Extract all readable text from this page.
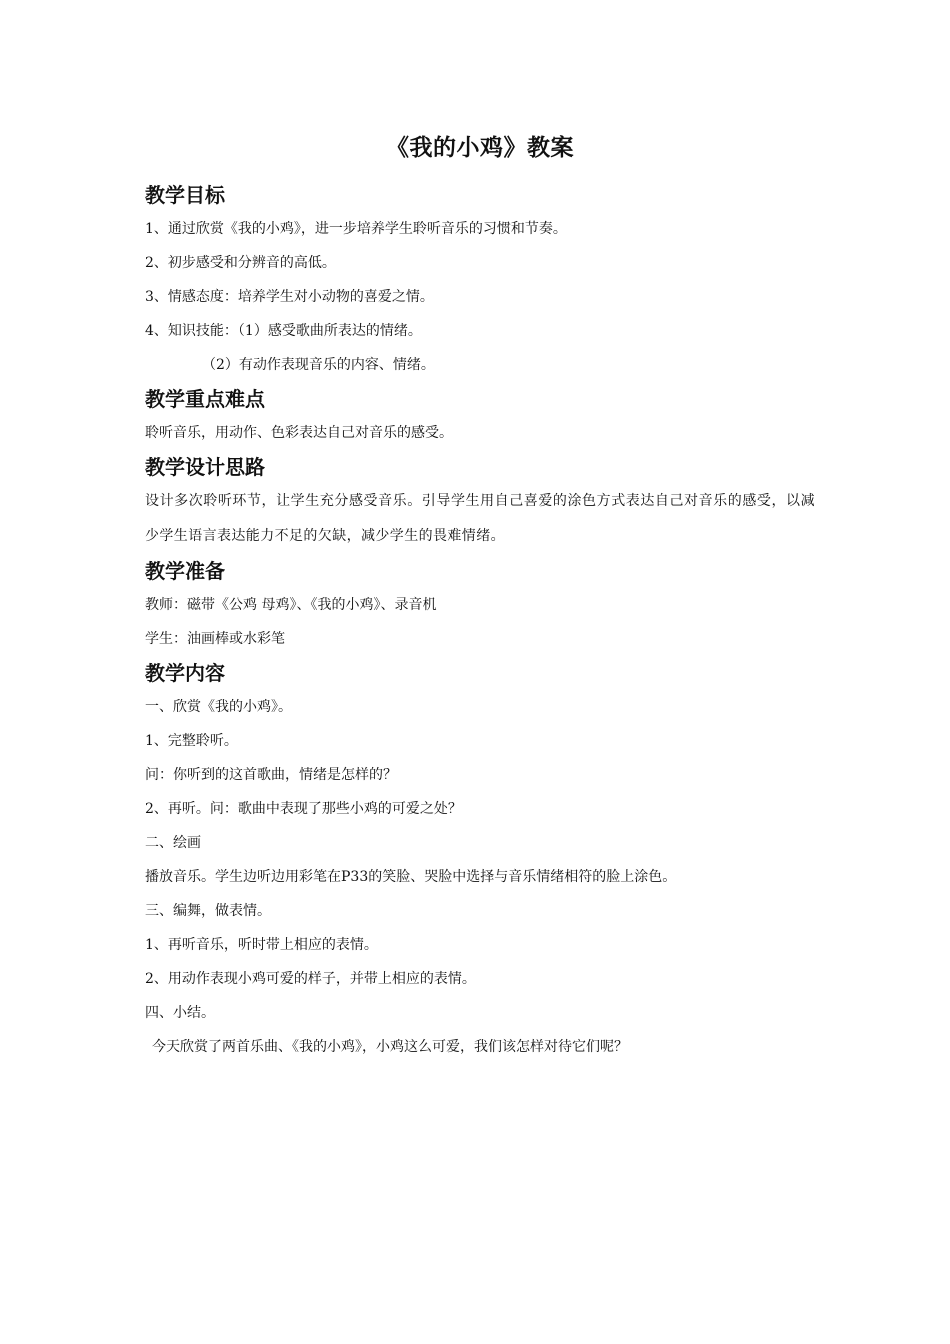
《我的小鸡》教案
教学目标

1、通过欣赏《我的小鸡》，进一步培养学生聆听音乐的习惯和节奏。

2、初步感受和分辨音的高低。

3、情感态度：培养学生对小动物的喜爱之情。

4、知识技能：（1）感受歌曲所表达的情绪。

（2）有动作表现音乐的内容、情绪。

教学重点难点

聆听音乐，用动作、色彩表达自己对音乐的感受。

教学设计思路

设计多次聆听环节，让学生充分感受音乐。引导学生用自己喜爱的涂色方式表达自己对音乐的感受，以减少学生语言表达能力不足的欠缺，减少学生的畏难情绪。

教学准备

教师：磁带《公鸡 母鸡》、《我的小鸡》、录音机

学生：油画棒或水彩笔

教学内容

一、欣赏《我的小鸡》。

1、完整聆听。

问：你听到的这首歌曲，情绪是怎样的？

2、再听。问：歌曲中表现了那些小鸡的可爱之处？

二、绘画

播放音乐。学生边听边用彩笔在P33的笑脸、哭脸中选择与音乐情绪相符的脸上涂色。

三、编舞，做表情。

1、再听音乐，听时带上相应的表情。

2、用动作表现小鸡可爱的样子，并带上相应的表情。

四、小结。

今天欣赏了两首乐曲、《我的小鸡》，小鸡这么可爱，我们该怎样对待它们呢？
